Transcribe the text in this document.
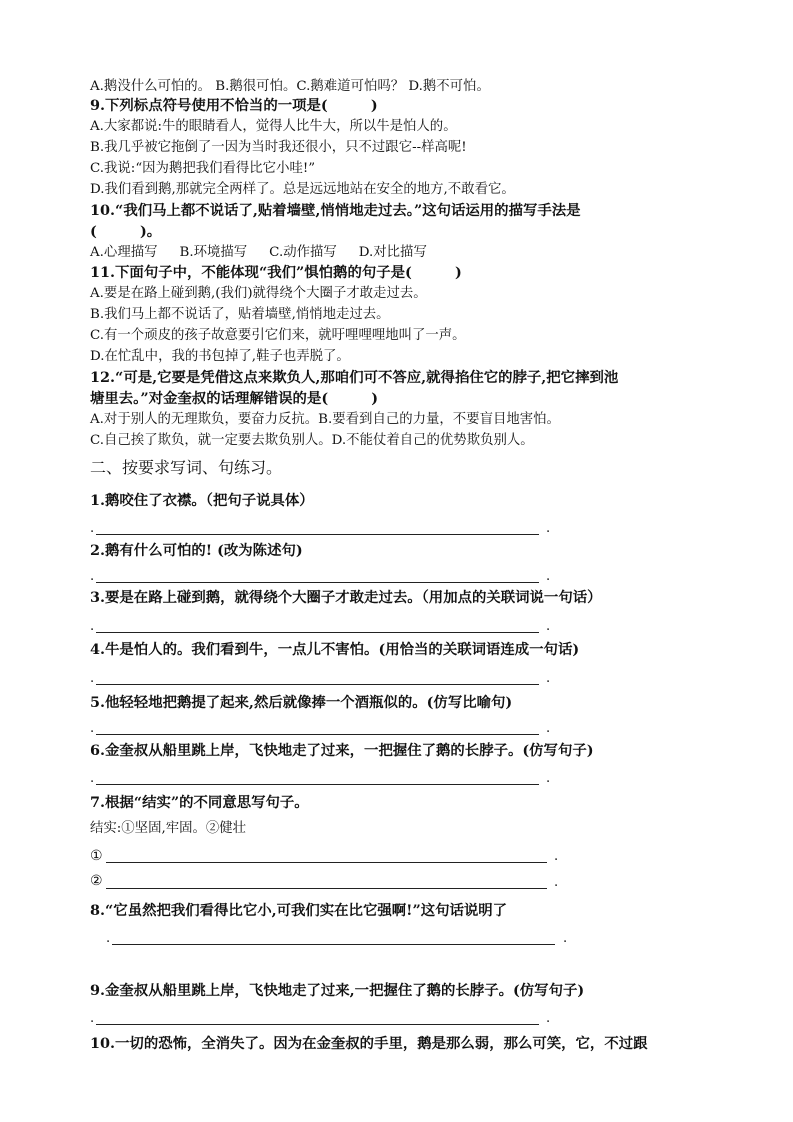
A.鹅没什么可怕的。 B.鹅很可怕。C.鹅难道可怕吗？ D.鹅不可怕。
9.下列标点符号使用不恰当的一项是(　　　)
A.大家都说:牛的眼睛看人，觉得人比牛大，所以牛是怕人的。
B.我几乎被它拖倒了一因为当时我还很小，只不过跟它--样高呢!
C.我说:“因为鹅把我们看得比它小哇!”
D.我们看到鹅,那就完全两样了。总是远远地站在安全的地方,不敢看它。
10.“我们马上都不说话了,贴着墙壁,悄悄地走过去。”这句话运用的描写手法是
(　　　)。
A.心理描写 B.环境描写 C.动作描写 D.对比描写
11.下面句子中，不能体现“我们”惧怕鹅的句子是(　　　)
A.要是在路上碰到鹅,(我们)就得绕个大圈子才敢走过去。
B.我们马上都不说话了，贴着墙壁,悄悄地走过去。
C.有一个顽皮的孩子故意要引它们来，就吁哩哩哩地叫了一声。
D.在忙乱中，我的书包掉了,鞋子也弄脱了。
12.“可是,它要是凭借这点来欺负人,那咱们可不答应,就得掐住它的脖子,把它摔到池
塘里去。”对金奎叔的话理解错误的是(　　　)
A.对于别人的无理欺负，要奋力反抗。B.要看到自己的力量，不要盲目地害怕。
C.自己挨了欺负，就一定要去欺负别人。D.不能仗着自己的优势欺负别人。
二、按要求写词、句练习。
1.鹅咬住了衣襟。（把句子说具体）
.	.
2.鹅有什么可怕的! (改为陈述句)
.	.
3.要是在路上碰到鹅，就得绕个大圈子才敢走过去。（用加点的关联词说一句话）
.	.
4.牛是怕人的。我们看到牛，一点儿不害怕。(用恰当的关联词语连成一句话)
.	.
5.他轻轻地把鹅提了起来,然后就像捧一个酒瓶似的。(仿写比喻句)
.	.
6.金奎叔从船里跳上岸，飞快地走了过来，一把握住了鹅的长脖子。(仿写句子)
.	.
7.根据“结实”的不同意思写句子。
结实:①坚固,牢固。②健壮
①	.
②	.
8.“它虽然把我们看得比它小,可我们实在比它强啊!”这句话说明了
.	.
9.金奎叔从船里跳上岸，飞快地走了过来,一把握住了鹅的长脖子。(仿写句子)
.	.
10.一切的恐怖，全消失了。因为在金奎叔的手里，鹅是那么弱，那么可笑，它，不过跟
